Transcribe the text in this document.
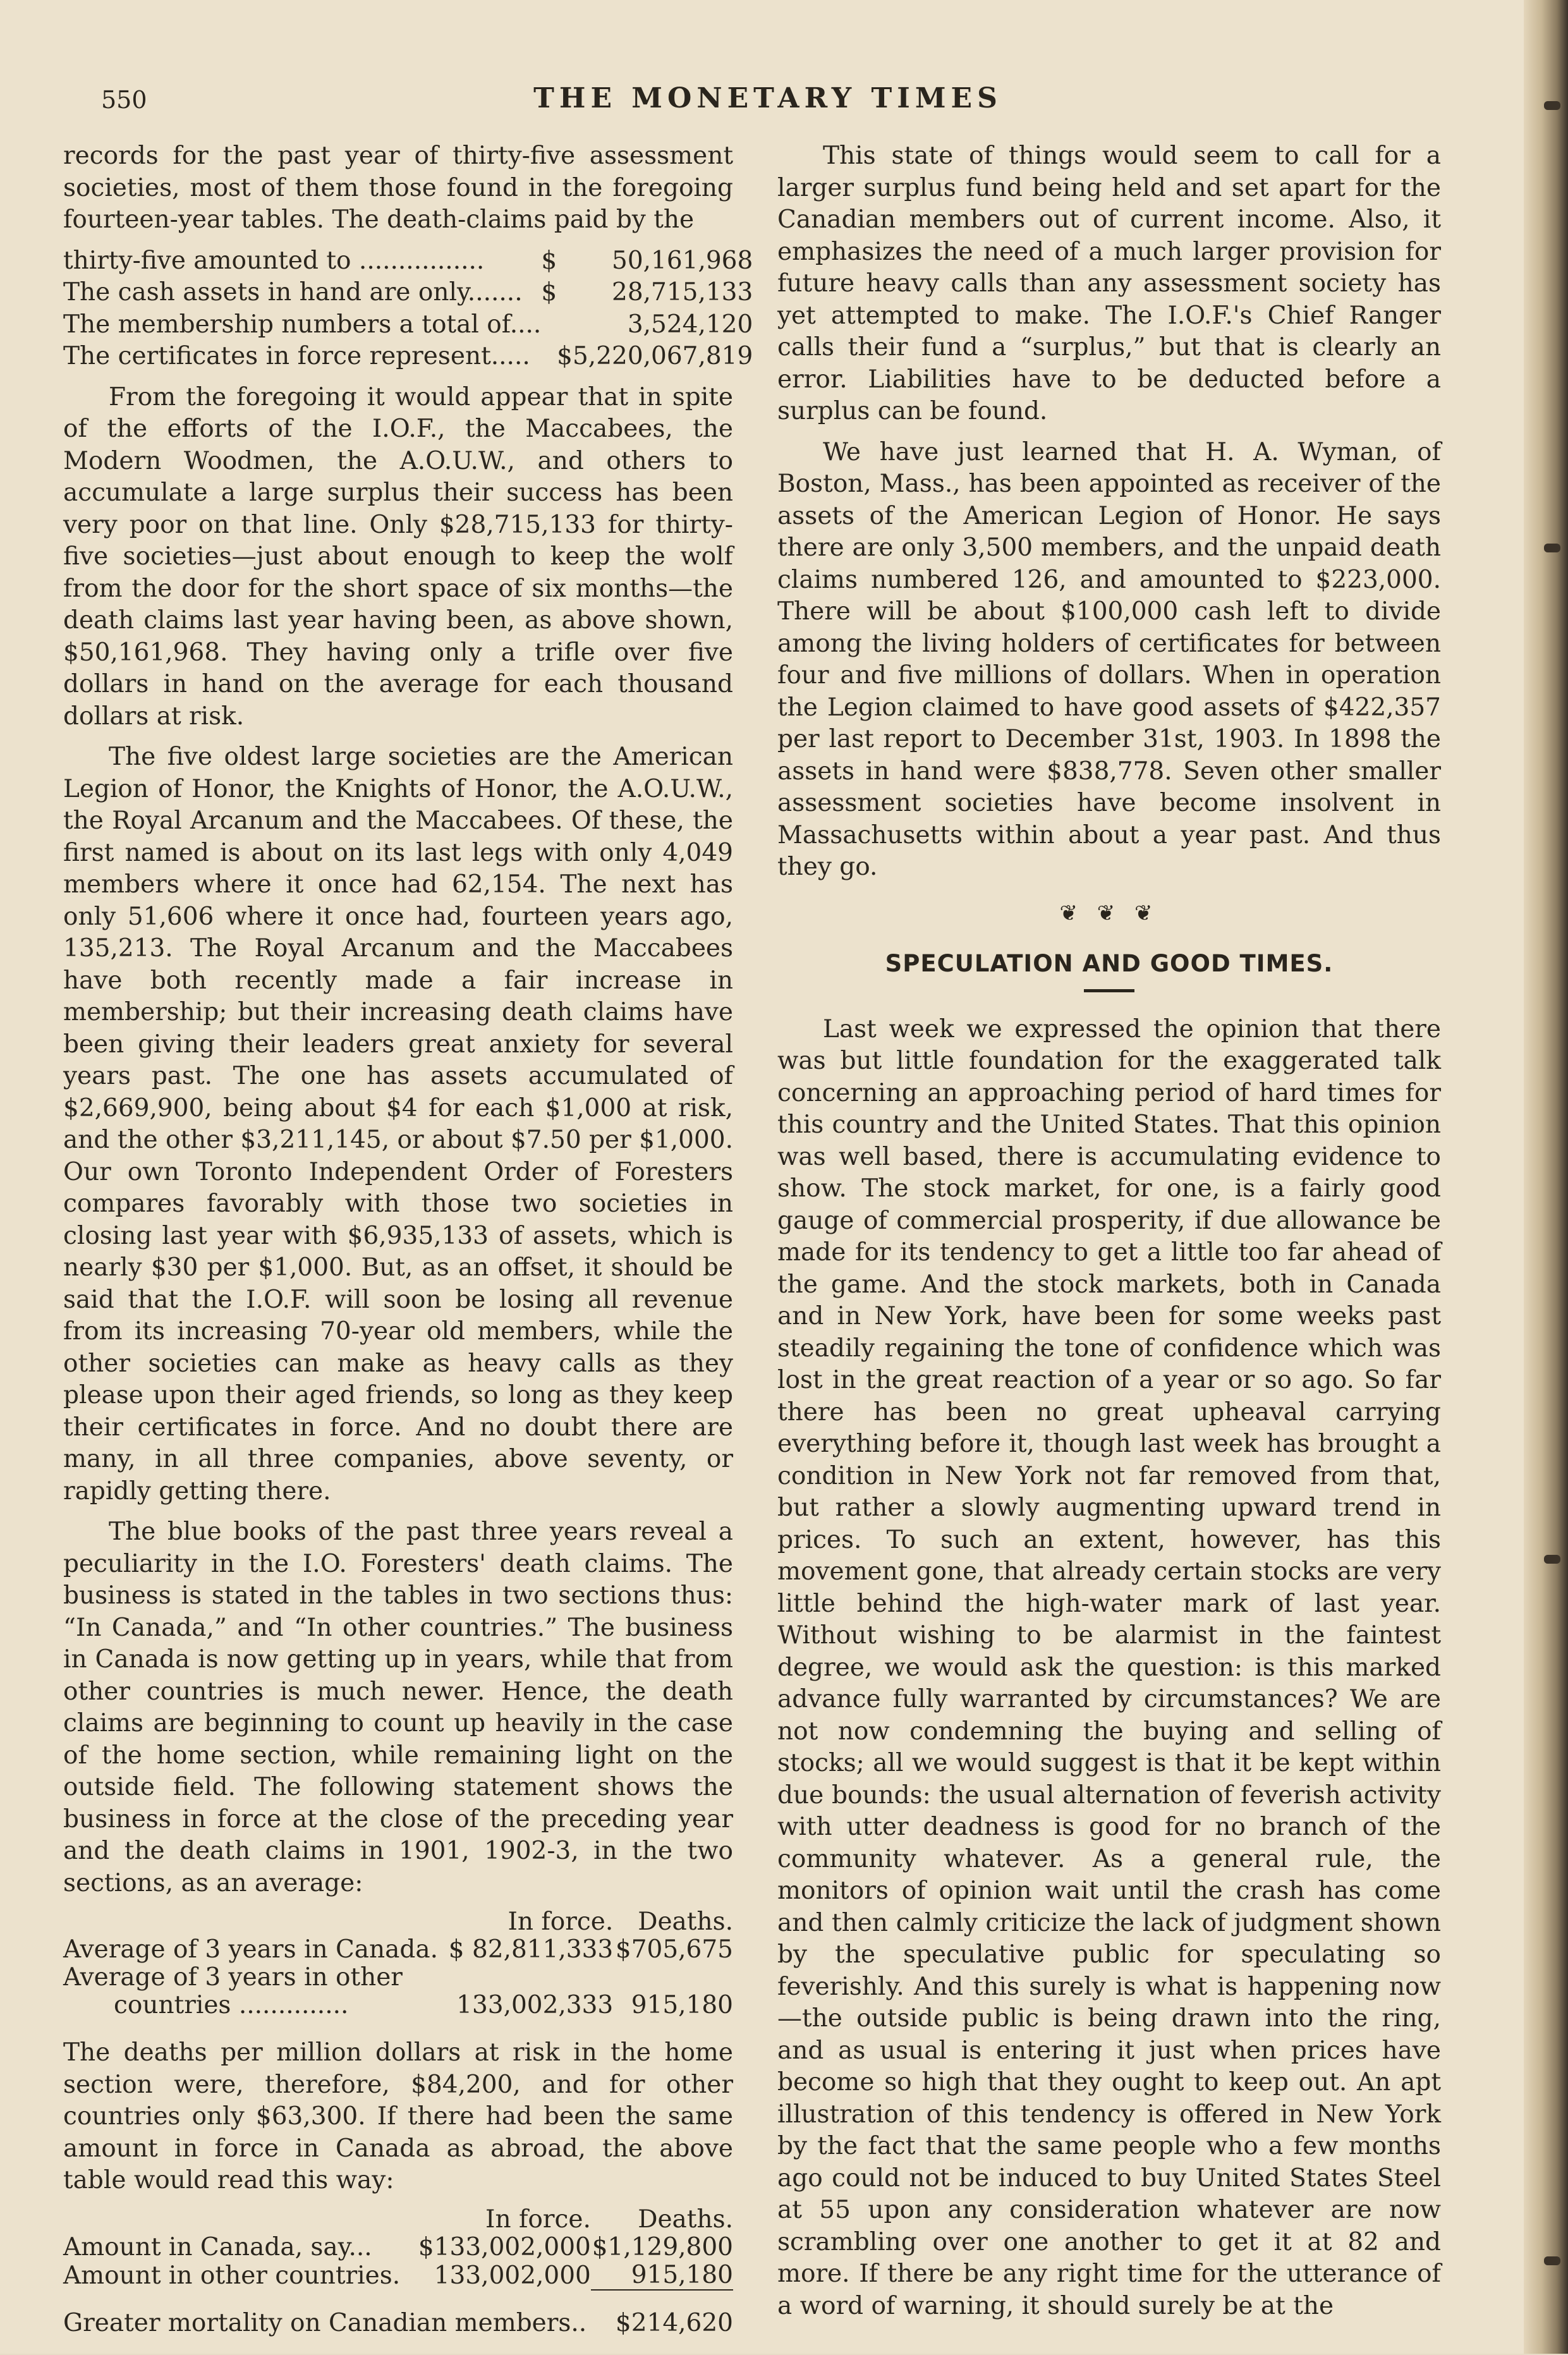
550	THE MONETARY TIMES

records for the past year of thirty-five assessment societies, most of them those found in the foregoing fourteen-year tables. The death-claims paid by the

thirty-five amounted to ................	$	50,161,968
The cash assets in hand are only.......	$	28,715,133
The membership numbers a total of....		3,524,120
The certificates in force represent.....		$5,220,067,819

From the foregoing it would appear that in spite of the efforts of the I.O.F., the Maccabees, the Modern Woodmen, the A.O.U.W., and others to accumulate a large surplus their success has been very poor on that line. Only $28,715,133 for thirty-five societies—just about enough to keep the wolf from the door for the short space of six months—the death claims last year having been, as above shown, $50,161,968. They having only a trifle over five dollars in hand on the average for each thousand dollars at risk.

The five oldest large societies are the American Legion of Honor, the Knights of Honor, the A.O.U.W., the Royal Arcanum and the Maccabees. Of these, the first named is about on its last legs with only 4,049 members where it once had 62,154. The next has only 51,606 where it once had, fourteen years ago, 135,213. The Royal Arcanum and the Maccabees have both recently made a fair increase in membership; but their increasing death claims have been giving their leaders great anxiety for several years past. The one has assets accumulated of $2,669,900, being about $4 for each $1,000 at risk, and the other $3,211,145, or about $7.50 per $1,000. Our own Toronto Independent Order of Foresters compares favorably with those two societies in closing last year with $6,935,133 of assets, which is nearly $30 per $1,000. But, as an offset, it should be said that the I.O.F. will soon be losing all revenue from its increasing 70-year old members, while the other societies can make as heavy calls as they please upon their aged friends, so long as they keep their certificates in force. And no doubt there are many, in all three companies, above seventy, or rapidly getting there.

The blue books of the past three years reveal a peculiarity in the I.O. Foresters' death claims. The business is stated in the tables in two sections thus: “In Canada,” and “In other countries.” The business in Canada is now getting up in years, while that from other countries is much newer. Hence, the death claims are beginning to count up heavily in the case of the home section, while remaining light on the outside field. The following statement shows the business in force at the close of the preceding year and the death claims in 1901, 1902-3, in the two sections, as an average:

	In force.	Deaths.
Average of 3 years in Canada.	$ 82,811,333	$705,675
Average of 3 years in other		
countries ..............	133,002,333	915,180

The deaths per million dollars at risk in the home section were, therefore, $84,200, and for other countries only $63,300. If there had been the same amount in force in Canada as abroad, the above table would read this way:

	In force.	Deaths.
Amount in Canada, say...	$133,002,000	$1,129,800
Amount in other countries.	133,002,000	915,180
Greater mortality on Canadian members..		$214,620

This state of things would seem to call for a larger surplus fund being held and set apart for the Canadian members out of current income. Also, it emphasizes the need of a much larger provision for future heavy calls than any assessment society has yet attempted to make. The I.O.F.'s Chief Ranger calls their fund a “surplus,” but that is clearly an error. Liabilities have to be deducted before a surplus can be found.

We have just learned that H. A. Wyman, of Boston, Mass., has been appointed as receiver of the assets of the American Legion of Honor. He says there are only 3,500 members, and the unpaid death claims numbered 126, and amounted to $223,000. There will be about $100,000 cash left to divide among the living holders of certificates for between four and five millions of dollars. When in operation the Legion claimed to have good assets of $422,357 per last report to December 31st, 1903. In 1898 the assets in hand were $838,778. Seven other smaller assessment societies have become insolvent in Massachusetts within about a year past. And thus they go.

❦ ❦ ❦
SPECULATION AND GOOD TIMES.

Last week we expressed the opinion that there was but little foundation for the exaggerated talk concerning an approaching period of hard times for this country and the United States. That this opinion was well based, there is accumulating evidence to show. The stock market, for one, is a fairly good gauge of commercial prosperity, if due allowance be made for its tendency to get a little too far ahead of the game. And the stock markets, both in Canada and in New York, have been for some weeks past steadily regaining the tone of confidence which was lost in the great reaction of a year or so ago. So far there has been no great upheaval carrying everything before it, though last week has brought a condition in New York not far removed from that, but rather a slowly augmenting upward trend in prices. To such an extent, however, has this movement gone, that already certain stocks are very little behind the high-water mark of last year. Without wishing to be alarmist in the faintest degree, we would ask the question: is this marked advance fully warranted by circumstances? We are not now condemning the buying and selling of stocks; all we would suggest is that it be kept within due bounds: the usual alternation of feverish activity with utter deadness is good for no branch of the community whatever. As a general rule, the monitors of opinion wait until the crash has come and then calmly criticize the lack of judgment shown by the speculative public for speculating so feverishly. And this surely is what is happening now—the outside public is being drawn into the ring, and as usual is entering it just when prices have become so high that they ought to keep out. An apt illustration of this tendency is offered in New York by the fact that the same people who a few months ago could not be induced to buy United States Steel at 55 upon any consideration whatever are now scrambling over one another to get it at 82 and more. If there be any right time for the utterance of a word of warning, it should surely be at the
